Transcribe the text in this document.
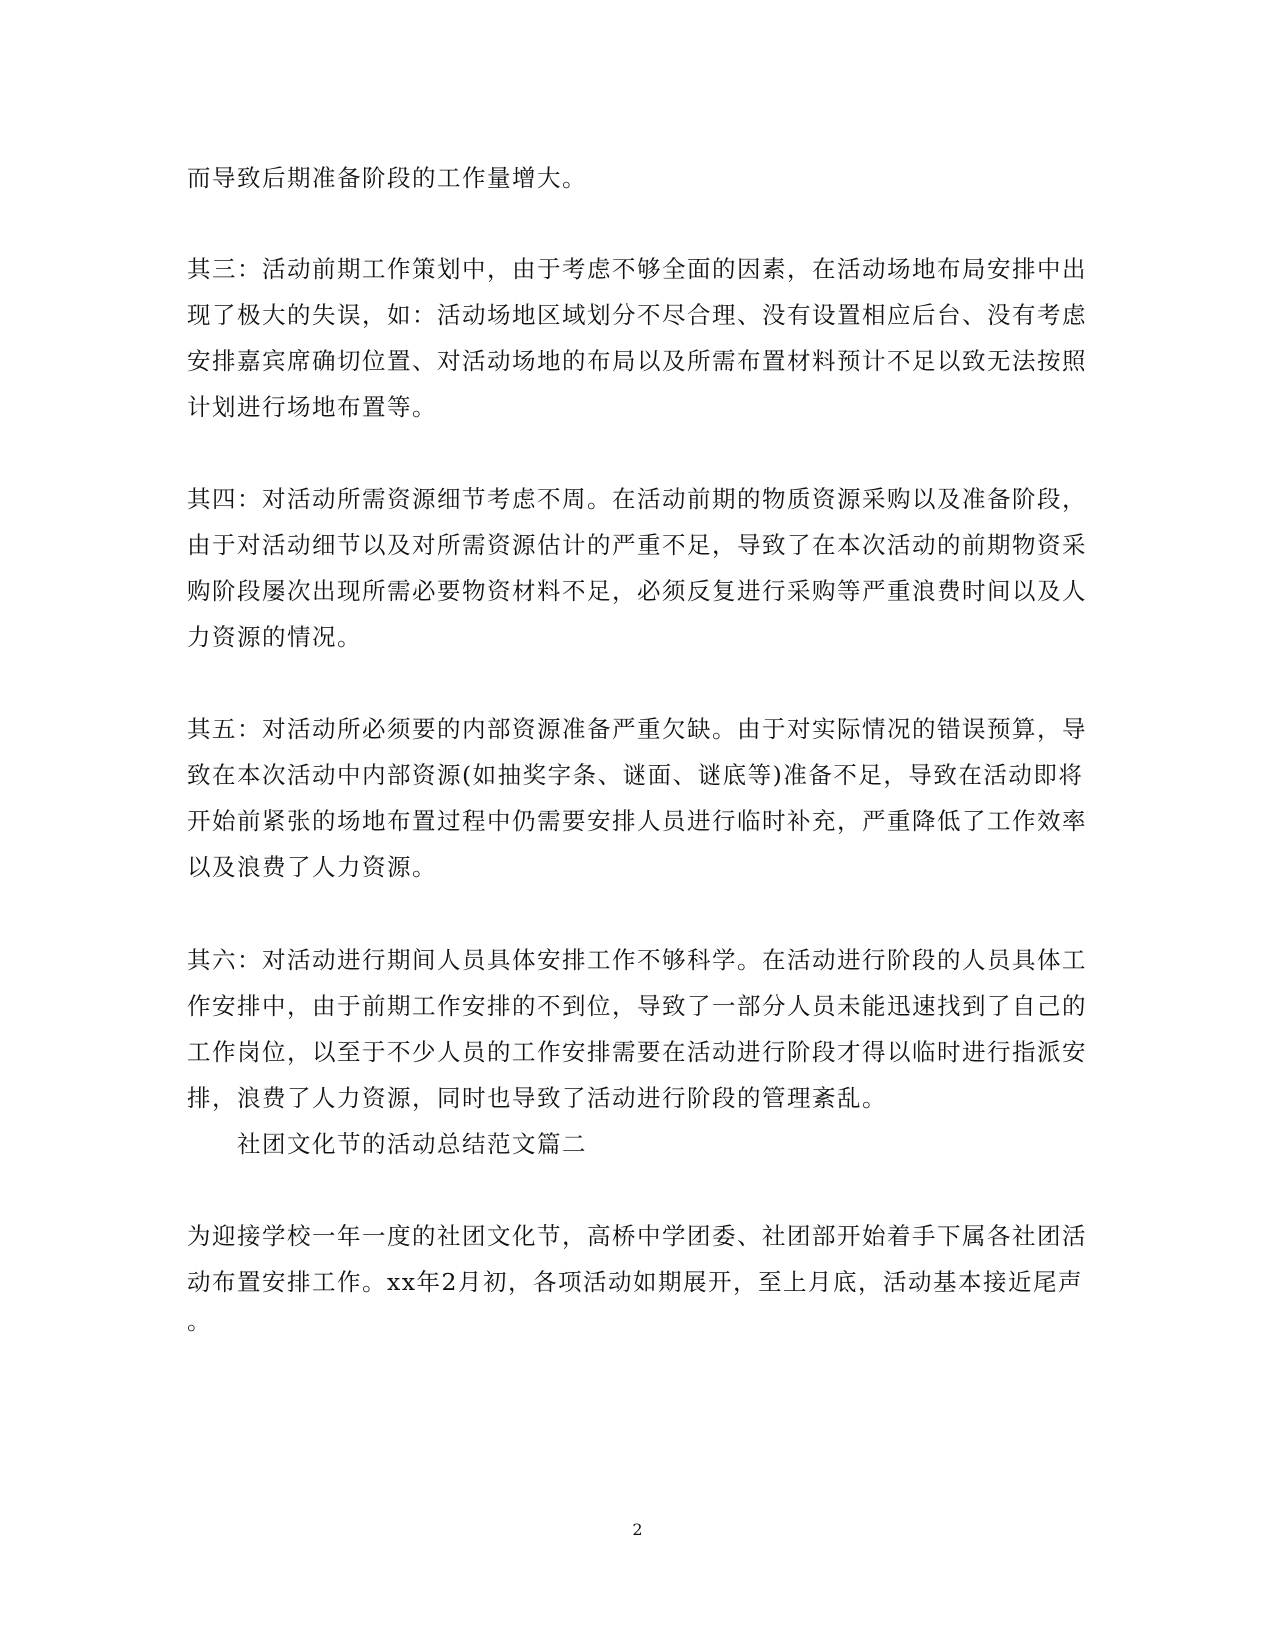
而导致后期准备阶段的工作量增大。
其三：活动前期工作策划中，由于考虑不够全面的因素，在活动场地布局安排中出
现了极大的失误，如：活动场地区域划分不尽合理、没有设置相应后台、没有考虑
安排嘉宾席确切位置、对活动场地的布局以及所需布置材料预计不足以致无法按照
计划进行场地布置等。
其四：对活动所需资源细节考虑不周。在活动前期的物质资源采购以及准备阶段，
由于对活动细节以及对所需资源估计的严重不足，导致了在本次活动的前期物资采
购阶段屡次出现所需必要物资材料不足，必须反复进行采购等严重浪费时间以及人
力资源的情况。
其五：对活动所必须要的内部资源准备严重欠缺。由于对实际情况的错误预算，导
致在本次活动中内部资源(如抽奖字条、谜面、谜底等)准备不足，导致在活动即将
开始前紧张的场地布置过程中仍需要安排人员进行临时补充，严重降低了工作效率
以及浪费了人力资源。
其六：对活动进行期间人员具体安排工作不够科学。在活动进行阶段的人员具体工
作安排中，由于前期工作安排的不到位，导致了一部分人员未能迅速找到了自己的
工作岗位，以至于不少人员的工作安排需要在活动进行阶段才得以临时进行指派安
排，浪费了人力资源，同时也导致了活动进行阶段的管理紊乱。
社团文化节的活动总结范文篇二
为迎接学校一年一度的社团文化节，高桥中学团委、社团部开始着手下属各社团活
动布置安排工作。xx年2月初，各项活动如期展开，至上月底，活动基本接近尾声
。
2
